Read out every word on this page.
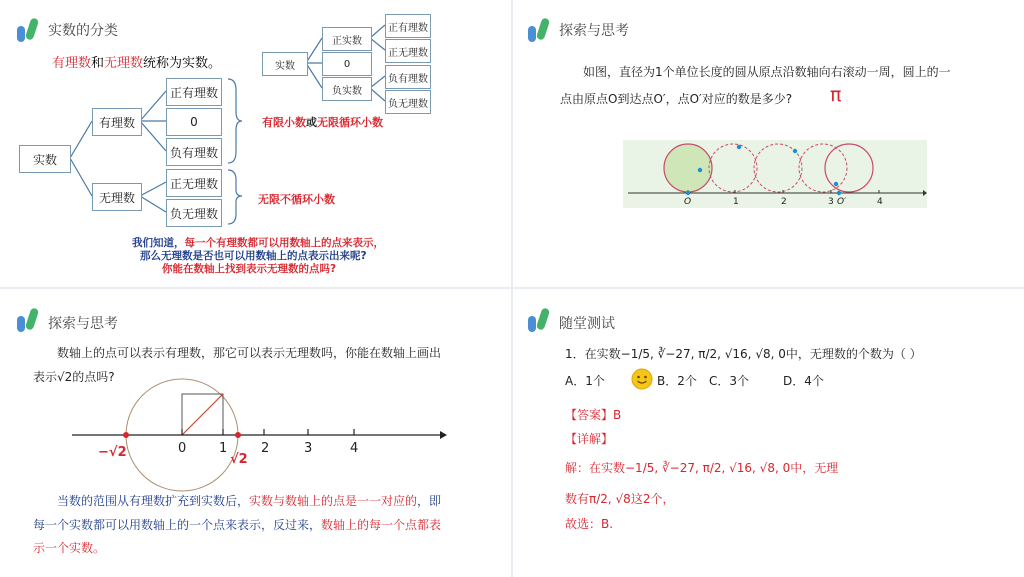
实数的分类
有理数和无理数统称为实数。
实数
有理数
无理数
正有理数
0
负有理数
正无理数
负无理数
有限小数或无限循环小数
无限不循环小数
实数
正实数
0
负实数
正有理数
正无理数
负有理数
负无理数
我们知道，每一个有理数都可以用数轴上的点来表示，
那么无理数是否也可以用数轴上的点表示出来呢?
你能在数轴上找到表示无理数的点吗?
探索与思考
如图，直径为1个单位长度的圆从原点沿数轴向右滚动一周，圆上的一
点由原点O到达点O′，点O′对应的数是多少? π
O	1	2	3 O′	4
探索与思考
数轴上的点可以表示有理数，那它可以表示无理数吗，你能在数轴上画出
表示√2的点吗?
0	1	2	3	4
−√2	√2
当数的范围从有理数扩充到实数后，实数与数轴上的点是一一对应的，即
每一个实数都可以用数轴上的一个点来表示，反过来，数轴上的每一个点都表
示一个实数。
随堂测试
1．在实数−1/5, ∛−27, π/2, √16, √8, 0中，无理数的个数为（ ）
A．1个	B．2个 C．3个	D．4个
【答案】B
【详解】
解：在实数−1/5, ∛−27, π/2, √16, √8, 0中，无理
数有π/2, √8这2个，
故选：B.
